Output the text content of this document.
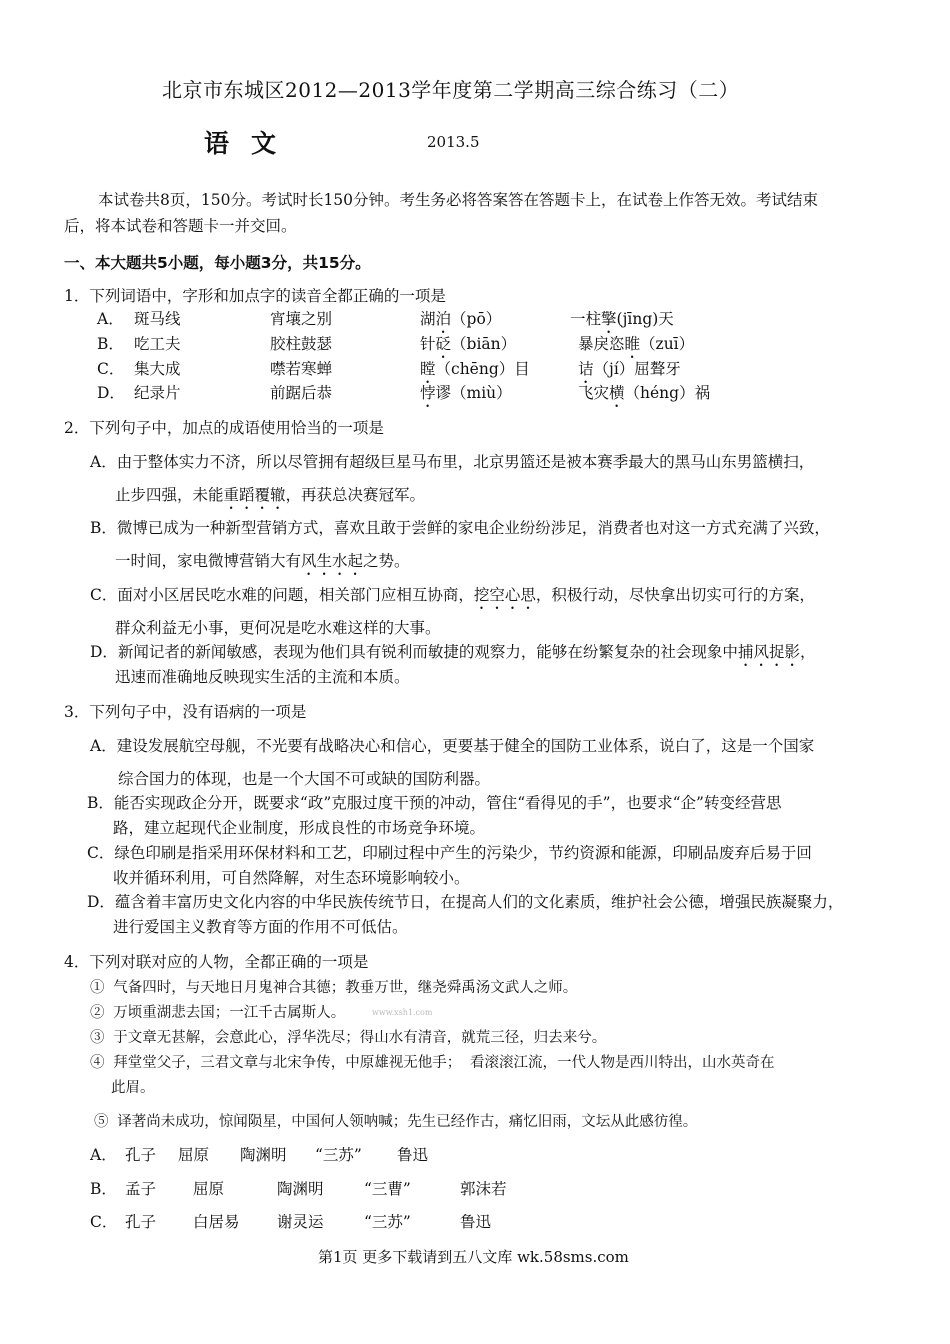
北京市东城区2012—2013学年度第二学期高三综合练习（二）
语文	2013.5
本试卷共8页，150分。考试时长150分钟。考生务必将答案答在答题卡上，在试卷上作答无效。考试结束
后，将本试卷和答题卡一并交回。
一、本大题共5小题，每小题3分，共15分。
1．下列词语中，字形和加点字的读音全都正确的一项是
A． 斑马线	宵壤之别	湖泊（pō）	一柱擎(jīng)天
B． 吃工夫	胶柱鼓瑟	针砭（biān）	暴戾恣睢（zuī）
C． 集大成	噤若寒蝉	瞠（chēng）目	诘（jí）屈聱牙
D． 纪录片	前踞后恭	悖谬（miù）	飞灾横（héng）祸
2．下列句子中，加点的成语使用恰当的一项是
A．由于整体实力不济，所以尽管拥有超级巨星马布里，北京男篮还是被本赛季最大的黑马山东男篮横扫，
止步四强，未能重蹈覆辙，再获总决赛冠军。
B．微博已成为一种新型营销方式，喜欢且敢于尝鲜的家电企业纷纷涉足，消费者也对这一方式充满了兴致，
一时间，家电微博营销大有风生水起之势。
C．面对小区居民吃水难的问题，相关部门应相互协商，挖空心思，积极行动，尽快拿出切实可行的方案，
群众利益无小事，更何况是吃水难这样的大事。
D．新闻记者的新闻敏感，表现为他们具有锐利而敏捷的观察力，能够在纷繁复杂的社会现象中捕风捉影，
迅速而准确地反映现实生活的主流和本质。
3．下列句子中，没有语病的一项是
A．建设发展航空母舰，不光要有战略决心和信心，更要基于健全的国防工业体系，说白了，这是一个国家
综合国力的体现，也是一个大国不可或缺的国防利器。
B．能否实现政企分开，既要求“政”克服过度干预的冲动，管住“看得见的手”，也要求“企”转变经营思
路，建立起现代企业制度，形成良性的市场竞争环境。
C．绿色印刷是指采用环保材料和工艺，印刷过程中产生的污染少，节约资源和能源，印刷品废弃后易于回
收并循环利用，可自然降解，对生态环境影响较小。
D．蕴含着丰富历史文化内容的中华民族传统节日，在提高人们的文化素质，维护社会公德，增强民族凝聚力，
进行爱国主义教育等方面的作用不可低估。
4．下列对联对应的人物，全都正确的一项是
① 气备四时，与天地日月鬼神合其德；教垂万世，继尧舜禹汤文武人之师。
② 万顷重湖悲去国；一江千古属斯人。	www.xsh1.com
③ 于文章无甚解，会意此心，浮华洗尽；得山水有清音，就荒三径，归去来兮。
④ 拜堂堂父子，三君文章与北宋争传，中原雄视无他手； 看滚滚江流，一代人物是西川特出，山水英奇在
此眉。
⑤ 译著尚未成功，惊闻陨星，中国何人领呐喊；先生已经作古，痛忆旧雨，文坛从此感彷徨。
A． 孔子 屈原 陶渊明 “三苏” 鲁迅
B． 孟子 屈原	陶渊明	“三曹”	郭沫若
C． 孔子 白居易 谢灵运	“三苏”	鲁迅
第1页 更多下载请到五八文库 wk.58sms.com
